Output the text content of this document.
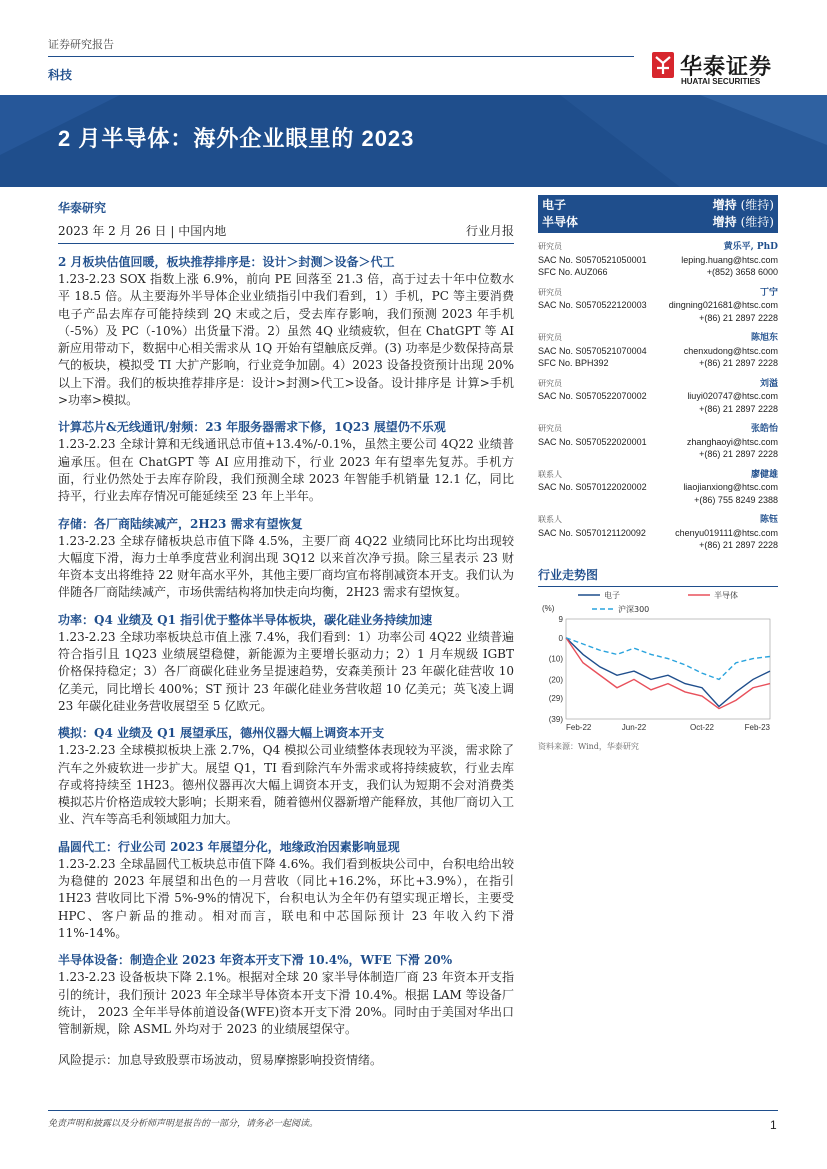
证券研究报告
科技	华泰证券
HUATAI SECURITIES
2 月半导体：海外企业眼里的 2023
华泰研究
2023 年 2 月 26 日 | 中国内地	行业月报
2 月板块估值回暖，板块推荐排序是：设计＞封测＞设备＞代工

1.23-2.23 SOX 指数上涨 6.9%，前向 PE 回落至 21.3 倍，高于过去十年中位数水平 18.5 倍。从主要海外半导体企业业绩指引中我们看到，1）手机，PC 等主要消费电子产品去库存可能持续到 2Q 末或之后，受去库存影响，我们预测 2023 年手机（-5%）及 PC（-10%）出货量下滑。2）虽然 4Q 业绩疲软，但在 ChatGPT 等 AI 新应用带动下，数据中心相关需求从 1Q 开始有望触底反弹。(3) 功率是少数保持高景气的板块，模拟受 TI 大扩产影响，行业竞争加剧。4）2023 设备投资预计出现 20%以上下滑。我们的板块推荐排序是：设计>封测>代工>设备。设计排序是 计算>手机>功率>模拟。

计算芯片&无线通讯/射频：23 年服务器需求下修，1Q23 展望仍不乐观

1.23-2.23 全球计算和无线通讯总市值+13.4%/-0.1%，虽然主要公司 4Q22 业绩普遍承压。但在 ChatGPT 等 AI 应用推动下，行业 2023 年有望率先复苏。手机方面，行业仍然处于去库存阶段，我们预测全球 2023 年智能手机销量 12.1 亿，同比持平，行业去库存情况可能延续至 23 年上半年。

存储：各厂商陆续减产，2H23 需求有望恢复

1.23-2.23 全球存储板块总市值下降 4.5%，主要厂商 4Q22 业绩同比环比均出现较大幅度下滑，海力士单季度营业利润出现 3Q12 以来首次净亏损。除三星表示 23 财年资本支出将维持 22 财年高水平外，其他主要厂商均宣布将削减资本开支。我们认为伴随各厂商陆续减产，市场供需结构将加快走向均衡，2H23 需求有望恢复。

功率：Q4 业绩及 Q1 指引优于整体半导体板块，碳化硅业务持续加速

1.23-2.23 全球功率板块总市值上涨 7.4%，我们看到：1）功率公司 4Q22 业绩普遍符合指引且 1Q23 业绩展望稳健，新能源为主要增长驱动力；2）1 月车规级 IGBT 价格保持稳定；3）各厂商碳化硅业务呈提速趋势，安森美预计 23 年碳化硅营收 10 亿美元，同比增长 400%；ST 预计 23 年碳化硅业务营收超 10 亿美元；英飞凌上调 23 年碳化硅业务营收展望至 5 亿欧元。

模拟：Q4 业绩及 Q1 展望承压，德州仪器大幅上调资本开支

1.23-2.23 全球模拟板块上涨 2.7%，Q4 模拟公司业绩整体表现较为平淡，需求除了汽车之外疲软进一步扩大。展望 Q1，TI 看到除汽车外需求或将持续疲软，行业去库存或将持续至 1H23。德州仪器再次大幅上调资本开支，我们认为短期不会对消费类模拟芯片价格造成较大影响；长期来看，随着德州仪器新增产能释放，其他厂商切入工业、汽车等高毛利领域阻力加大。

晶圆代工：行业公司 2023 年展望分化，地缘政治因素影响显现

1.23-2.23 全球晶圆代工板块总市值下降 4.6%。我们看到板块公司中，台积电给出较为稳健的 2023 年展望和出色的一月营收（同比+16.2%，环比+3.9%），在指引 1H23 营收同比下滑 5%-9%的情况下，台积电认为全年仍有望实现正增长，主要受 HPC、客户新品的推动。相对而言，联电和中芯国际预计 23 年收入约下滑 11%-14%。

半导体设备：制造企业 2023 年资本开支下滑 10.4%，WFE 下滑 20%

1.23-2.23 设备板块下降 2.1%。根据对全球 20 家半导体制造厂商 23 年资本开支指引的统计，我们预计 2023 年全球半导体资本开支下滑 10.4%。根据 LAM 等设备厂统计， 2023 全年半导体前道设备(WFE)资本开支下滑 20%。同时由于美国对华出口管制新规，除 ASML 外均对于 2023 的业绩展望保守。

风险提示：加息导致股票市场波动，贸易摩擦影响投资情绪。
电子	增持 (维持)
半导体	增持 (维持)
研究员	黄乐平, PhD
SAC No. S0570521050001	leping.huang@htsc.com
SFC No. AUZ066	+(852) 3658 6000
研究员	丁宁
SAC No. S0570522120003 dingning021681@htsc.com
+(86) 21 2897 2228
研究员	陈旭东
SAC No. S0570521070004	chenxudong@htsc.com
SFC No. BPH392	+(86) 21 2897 2228
研究员	刘溢
SAC No. S0570522070002	liuyi020747@htsc.com
+(86) 21 2897 2228
研究员	张皓怡
SAC No. S0570522020001	zhanghaoyi@htsc.com
+(86) 21 2897 2228
联系人	廖健雄
SAC No. S0570122020002	liaojianxiong@htsc.com
+(86) 755 8249 2388
联系人	陈钰
SAC No. S0570121120092	chenyu019111@htsc.com
+(86) 21 2897 2228
行业走势图
(%)
9
0
(10)
(20)
(29)
(39)
Feb-22	Jun-22	Oct-22	Feb-23
电子	半导体
沪深300
资料来源：Wind，华泰研究
免责声明和披露以及分析师声明是报告的一部分，请务必一起阅读。	1
